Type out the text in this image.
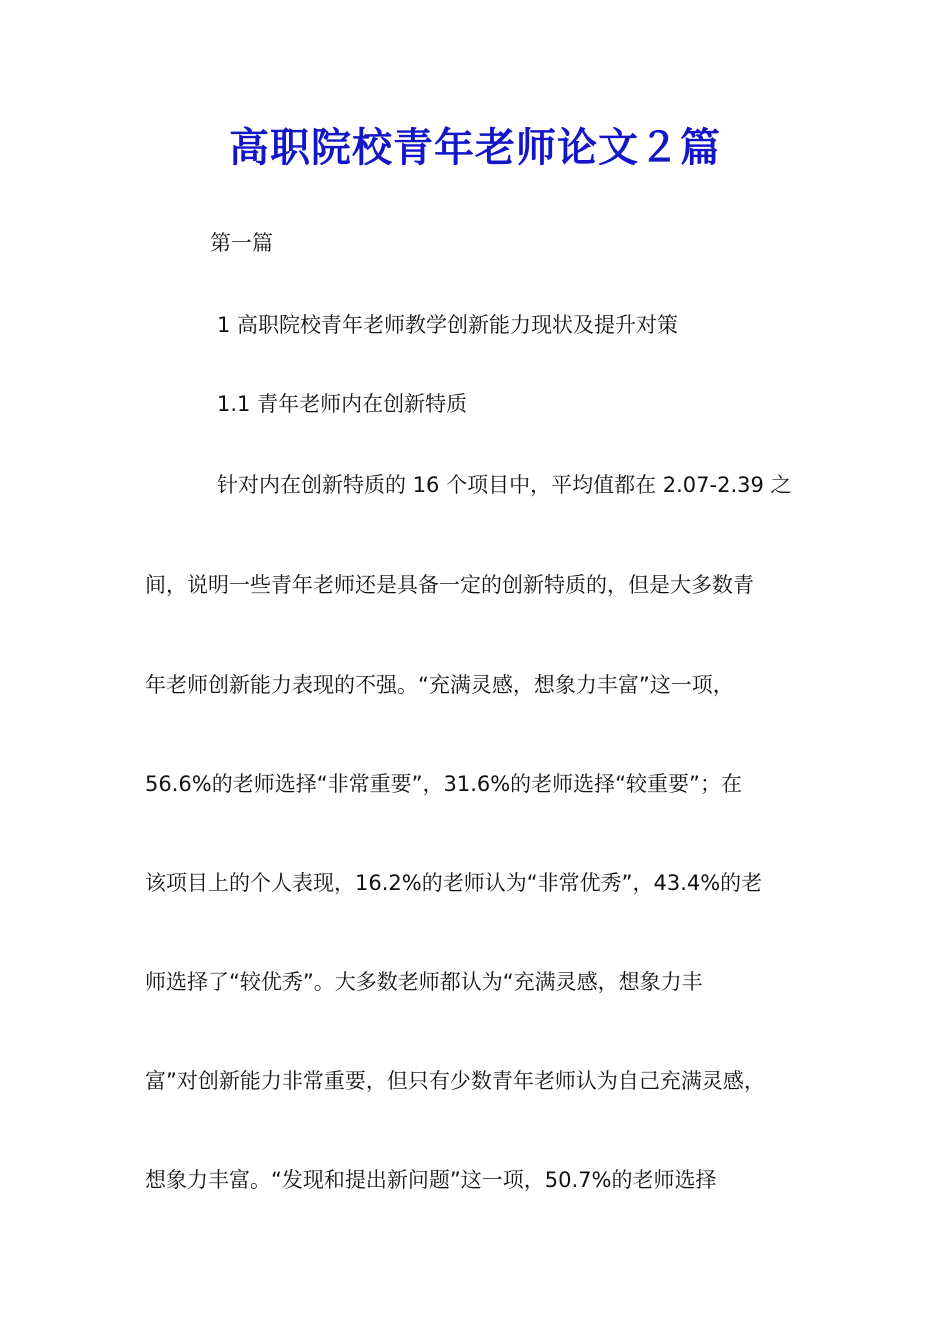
高职院校青年老师论文２篇
第一篇
1 高职院校青年老师教学创新能力现状及提升对策
1.1 青年老师内在创新特质
针对内在创新特质的 16 个项目中，平均值都在 2.07-2.39 之
间，说明一些青年老师还是具备一定的创新特质的，但是大多数青
年老师创新能力表现的不强。“充满灵感，想象力丰富”这一项，
56.6%的老师选择“非常重要”，31.6%的老师选择“较重要”；在
该项目上的个人表现，16.2%的老师认为“非常优秀”，43.4%的老
师选择了“较优秀”。大多数老师都认为“充满灵感，想象力丰
富”对创新能力非常重要，但只有少数青年老师认为自己充满灵感，
想象力丰富。“发现和提出新问题”这一项，50.7%的老师选择
